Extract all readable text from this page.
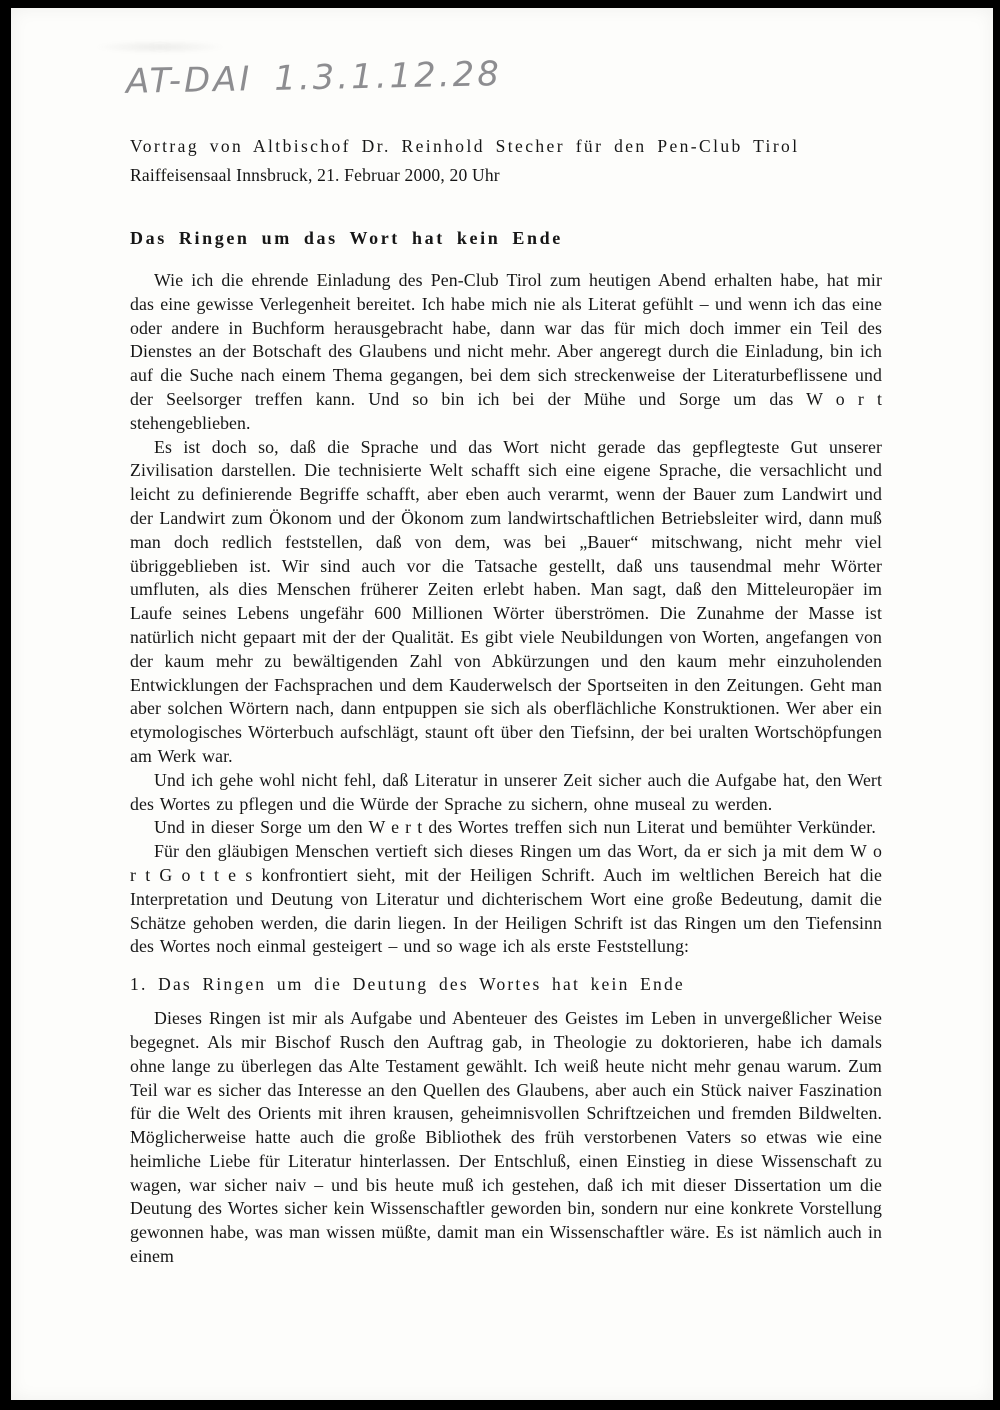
AT-DAI 1.3.1.12.28
Vortrag von Altbischof Dr. Reinhold Stecher für den Pen-Club Tirol
Raiffeisensaal Innsbruck, 21. Februar 2000, 20 Uhr
Das Ringen um das Wort hat kein Ende

Wie ich die ehrende Einladung des Pen-Club Tirol zum heutigen Abend erhalten habe, hat mir das eine gewisse Verlegenheit bereitet. Ich habe mich nie als Literat gefühlt – und wenn ich das eine oder andere in Buchform herausgebracht habe, dann war das für mich doch immer ein Teil des Dienstes an der Botschaft des Glaubens und nicht mehr. Aber angeregt durch die Einladung, bin ich auf die Suche nach einem Thema gegangen, bei dem sich streckenweise der Literaturbeflissene und der Seelsorger treffen kann. Und so bin ich bei der Mühe und Sorge um das W o r t stehengeblieben.

Es ist doch so, daß die Sprache und das Wort nicht gerade das gepflegteste Gut unserer Zivilisation darstellen. Die technisierte Welt schafft sich eine eigene Sprache, die versachlicht und leicht zu definierende Begriffe schafft, aber eben auch verarmt, wenn der Bauer zum Landwirt und der Landwirt zum Ökonom und der Ökonom zum landwirtschaftlichen Betriebsleiter wird, dann muß man doch redlich feststellen, daß von dem, was bei „Bauer“ mitschwang, nicht mehr viel übriggeblieben ist. Wir sind auch vor die Tatsache gestellt, daß uns tausendmal mehr Wörter umfluten, als dies Menschen früherer Zeiten erlebt haben. Man sagt, daß den Mitteleuropäer im Laufe seines Lebens ungefähr 600 Millionen Wörter überströmen. Die Zunahme der Masse ist natürlich nicht gepaart mit der der Qualität. Es gibt viele Neubildungen von Worten, angefangen von der kaum mehr zu bewältigenden Zahl von Abkürzungen und den kaum mehr einzuholenden Entwicklungen der Fachsprachen und dem Kauderwelsch der Sportseiten in den Zeitungen. Geht man aber solchen Wörtern nach, dann entpuppen sie sich als oberflächliche Konstruktionen. Wer aber ein etymologisches Wörterbuch aufschlägt, staunt oft über den Tiefsinn, der bei uralten Wortschöpfungen am Werk war.

Und ich gehe wohl nicht fehl, daß Literatur in unserer Zeit sicher auch die Aufgabe hat, den Wert des Wortes zu pflegen und die Würde der Sprache zu sichern, ohne museal zu werden.

Und in dieser Sorge um den W e r t des Wortes treffen sich nun Literat und bemühter Verkünder.

Für den gläubigen Menschen vertieft sich dieses Ringen um das Wort, da er sich ja mit dem W o r t G o t t e s konfrontiert sieht, mit der Heiligen Schrift. Auch im weltlichen Bereich hat die Interpretation und Deutung von Literatur und dichterischem Wort eine große Bedeutung, damit die Schätze gehoben werden, die darin liegen. In der Heiligen Schrift ist das Ringen um den Tiefensinn des Wortes noch einmal gesteigert – und so wage ich als erste Feststellung:

1. Das Ringen um die Deutung des Wortes hat kein Ende

Dieses Ringen ist mir als Aufgabe und Abenteuer des Geistes im Leben in unvergeßlicher Weise begegnet. Als mir Bischof Rusch den Auftrag gab, in Theologie zu doktorieren, habe ich damals ohne lange zu überlegen das Alte Testament gewählt. Ich weiß heute nicht mehr genau warum. Zum Teil war es sicher das Interesse an den Quellen des Glaubens, aber auch ein Stück naiver Faszination für die Welt des Orients mit ihren krausen, geheimnisvollen Schriftzeichen und fremden Bildwelten. Möglicherweise hatte auch die große Bibliothek des früh verstorbenen Vaters so etwas wie eine heimliche Liebe für Literatur hinterlassen. Der Entschluß, einen Einstieg in diese Wissenschaft zu wagen, war sicher naiv – und bis heute muß ich gestehen, daß ich mit dieser Dissertation um die Deutung des Wortes sicher kein Wissenschaftler geworden bin, sondern nur eine konkrete Vorstellung gewonnen habe, was man wissen müßte, damit man ein Wissenschaftler wäre. Es ist nämlich auch in einem
